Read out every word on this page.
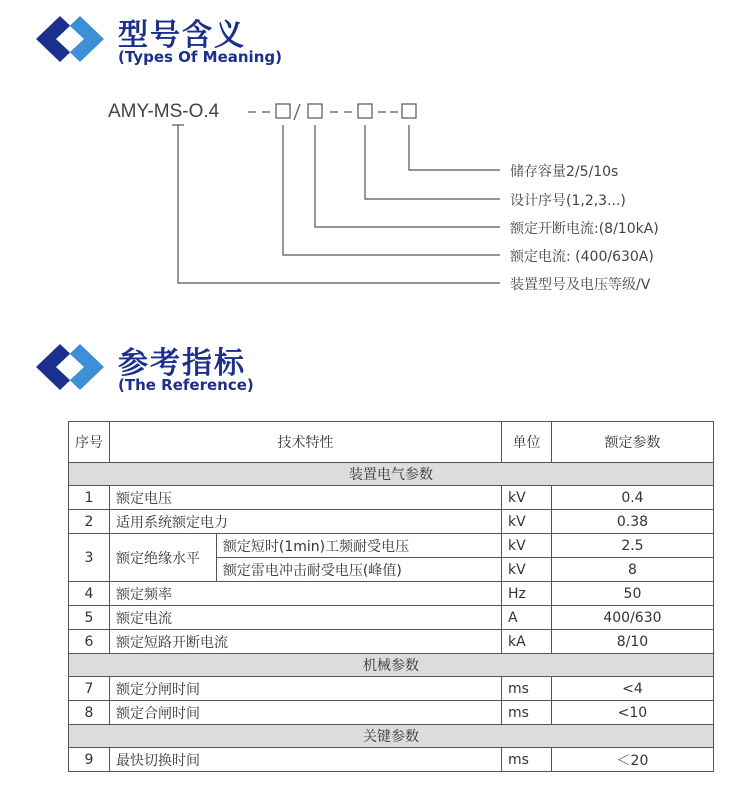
型号含义
(Types Of Meaning)
AMY-MS-O.4
储存容量2/5/10s
设计序号(1,2,3...)
额定开断电流:(8/10kA)
额定电流: (400/630A)
装置型号及电压等级/V
参考指标
(The Reference)
序号	技术特性		单位	额定参数
装置电气参数				
1	额定电压		kV	0.4
2	适用系统额定电力		kV	0.38
3	额定绝缘水平	额定短时(1min)工频耐受电压	kV	2.5
		额定雷电冲击耐受电压(峰值)	kV	8
4	额定频率		Hz	50
5	额定电流		A	400/630
6	额定短路开断电流		kA	8/10
机械参数				
7	额定分闸时间		ms	<4
8	额定合闸时间		ms	<10
关键参数				
9	最快切换时间		ms	＜20
